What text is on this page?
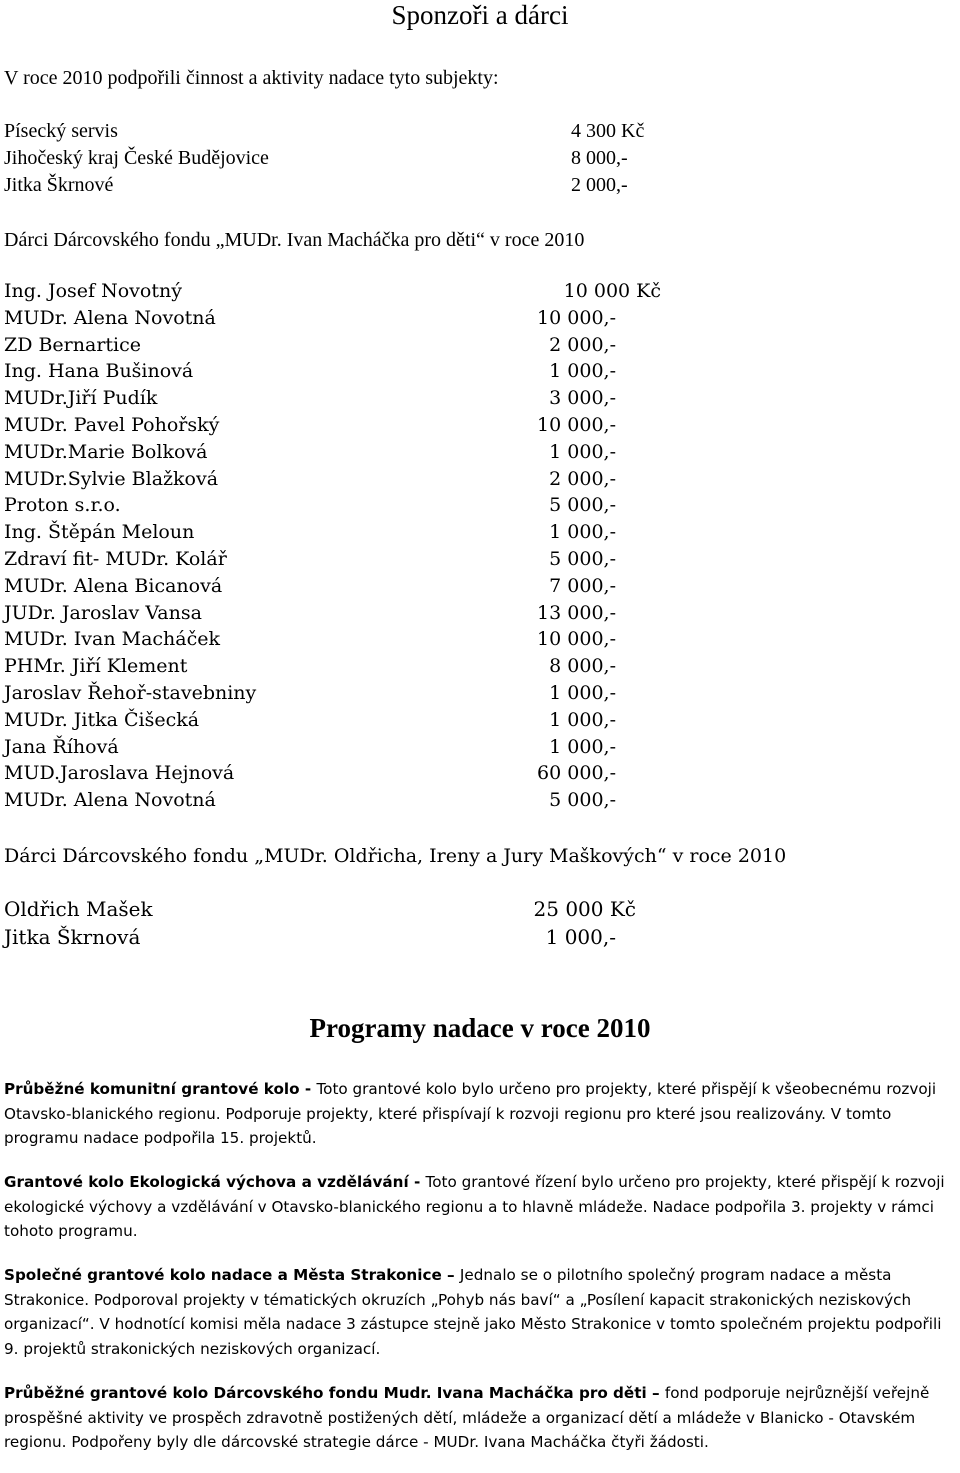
Sponzoři a dárci
V roce 2010 podpořili činnost a aktivity nadace tyto subjekty:
Písecký servis	4 300 Kč
Jihočeský kraj České Budějovice	8 000,-
Jitka Škrnové	2 000,-
Dárci Dárcovského fondu „MUDr. Ivan Macháčka pro děti“ v roce 2010
Ing. Josef Novotný	10 000 Kč
MUDr. Alena Novotná	10 000,-
ZD Bernartice	2 000,-
Ing. Hana Bušinová	1 000,-
MUDr.Jiří Pudík	3 000,-
MUDr. Pavel Pohořský	10 000,-
MUDr.Marie Bolková	1 000,-
MUDr.Sylvie Blažková	2 000,-
Proton s.r.o.	5 000,-
Ing. Štěpán Meloun	1 000,-
Zdraví fit- MUDr. Kolář	5 000,-
MUDr. Alena Bicanová	7 000,-
JUDr. Jaroslav Vansa	13 000,-
MUDr. Ivan Macháček	10 000,-
PHMr. Jiří Klement	8 000,-
Jaroslav Řehoř-stavebniny	1 000,-
MUDr. Jitka Čišecká	1 000,-
Jana Říhová	1 000,-
MUD.Jaroslava Hejnová	60 000,-
MUDr. Alena Novotná	5 000,-
Dárci Dárcovského fondu „MUDr. Oldřicha, Ireny a Jury Maškových“ v roce 2010
Oldřich Mašek	25 000 Kč
Jitka Škrnová	1 000,-
Programy nadace v roce 2010
Průběžné komunitní grantové kolo - Toto grantové kolo bylo určeno pro projekty, které přispějí k všeobecnému rozvoji Otavsko-blanického regionu. Podporuje projekty, které přispívají k rozvoji regionu pro které jsou realizovány. V tomto programu nadace podpořila 15. projektů.
Grantové kolo Ekologická výchova a vzdělávání - Toto grantové řízení bylo určeno pro projekty, které přispějí k rozvoji ekologické výchovy a vzdělávání v Otavsko-blanického regionu a to hlavně mládeže. Nadace podpořila 3. projekty v rámci tohoto programu.
Společné grantové kolo nadace a Města Strakonice – Jednalo se o pilotního společný program nadace a města Strakonice. Podporoval projekty v tématických okruzích „Pohyb nás baví“ a „Posílení kapacit strakonických neziskových organizací“. V hodnotící komisi měla nadace 3 zástupce stejně jako Město Strakonice v tomto společném projektu podpořili 9. projektů strakonických neziskových organizací.
Průběžné grantové kolo Dárcovského fondu Mudr. Ivana Macháčka pro děti – fond podporuje nejrůznější veřejně prospěšné aktivity ve prospěch zdravotně postižených dětí, mládeže a organizací dětí a mládeže v Blanicko - Otavském regionu. Podpořeny byly dle dárcovské strategie dárce - MUDr. Ivana Macháčka čtyři žádosti.
